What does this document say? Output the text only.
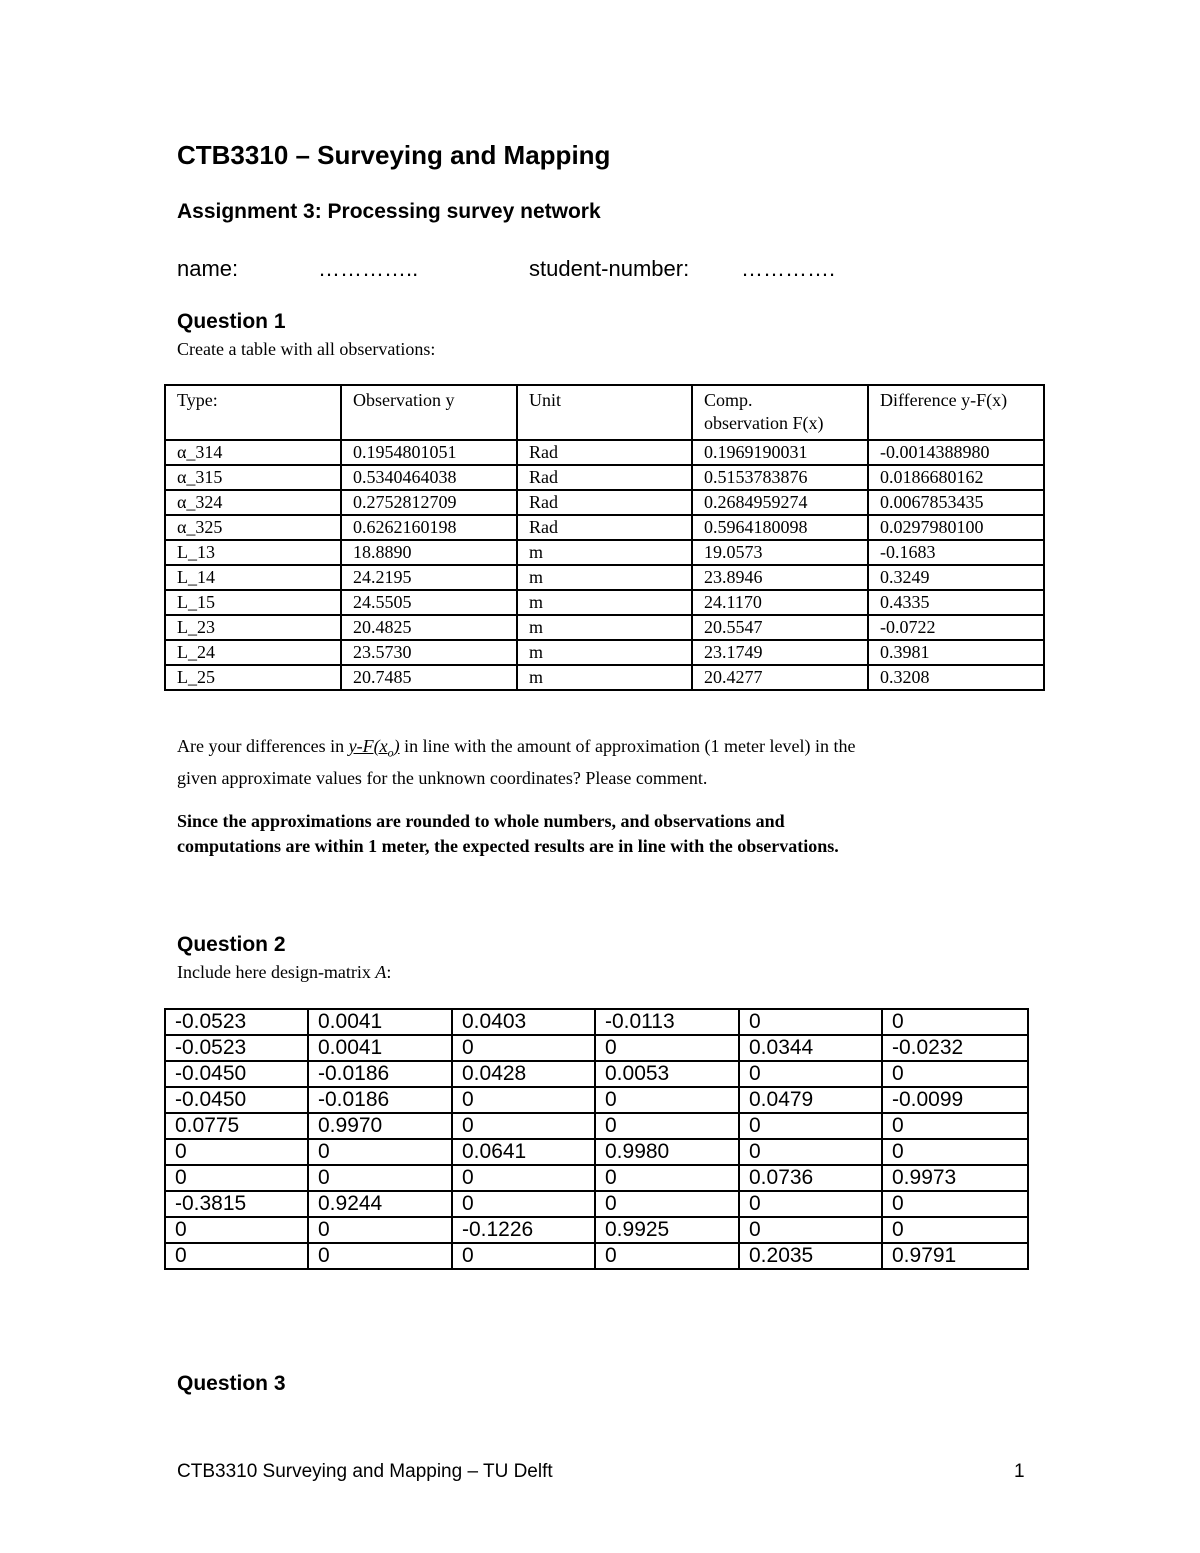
CTB3310 – Surveying and Mapping

Assignment 3: Processing survey network

name:	…………..	student-number: ………….
Question 1

Create a table with all observations:

Type:	Observation y	Unit	Comp. observation F(x)	Difference y-F(x)
α_314	0.1954801051	Rad	0.1969190031	-0.0014388980
α_315	0.5340464038	Rad	0.5153783876	0.0186680162
α_324	0.2752812709	Rad	0.2684959274	0.0067853435
α_325	0.6262160198	Rad	0.5964180098	0.0297980100
L_13	18.8890	m	19.0573	-0.1683
L_14	24.2195	m	23.8946	0.3249
L_15	24.5505	m	24.1170	0.4335
L_23	20.4825	m	20.5547	-0.0722
L_24	23.5730	m	23.1749	0.3981
L_25	20.7485	m	20.4277	0.3208

Are your differences in $y-F(x_o)$ in line with the amount of approximation (1 meter level) in the
given approximate values for the unknown coordinates? Please comment.

Since the approximations are rounded to whole numbers, and observations and
computations are within 1 meter, the expected results are in line with the observations.

Question 2

Include here design-matrix A:

-0.0523	0.0041	0.0403	-0.0113	0	0
-0.0523	0.0041	0	0	0.0344	-0.0232
-0.0450	-0.0186	0.0428	0.0053	0	0
-0.0450	-0.0186	0	0	0.0479	-0.0099
0.0775	0.9970	0	0	0	0
0	0	0.0641	0.9980	0	0
0	0	0	0	0.0736	0.9973
-0.3815	0.9244	0	0	0	0
0	0	-0.1226	0.9925	0	0
0	0	0	0	0.2035	0.9791
Question 3
CTB3310 Surveying and Mapping – TU Delft	1
